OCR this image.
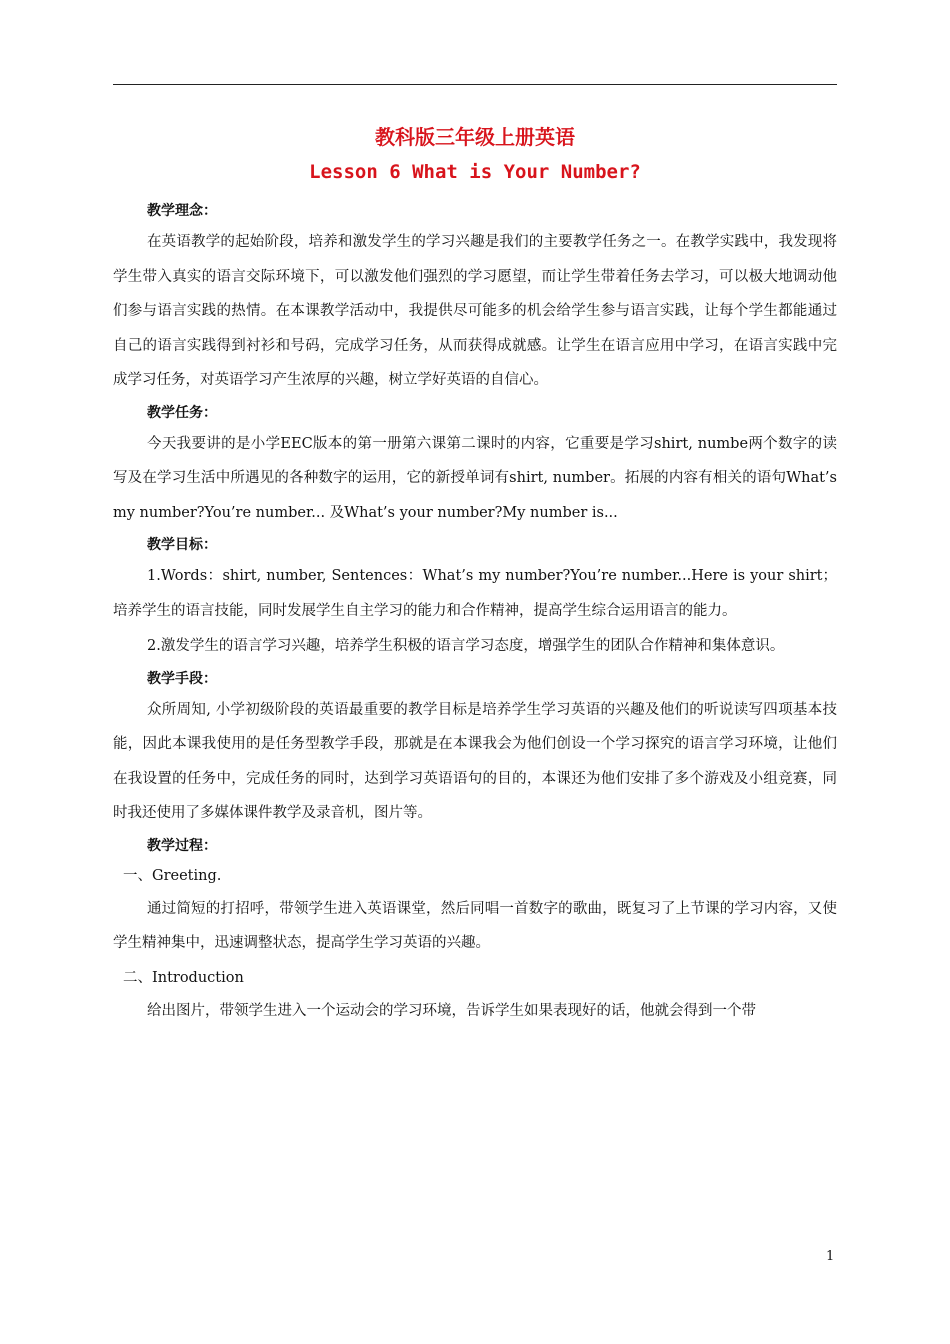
教科版三年级上册英语
Lesson 6 What is Your Number?

教学理念：

在英语教学的起始阶段，培养和激发学生的学习兴趣是我们的主要教学任务之一。在教学实践中，我发现将学生带入真实的语言交际环境下，可以激发他们强烈的学习愿望，而让学生带着任务去学习，可以极大地调动他们参与语言实践的热情。在本课教学活动中，我提供尽可能多的机会给学生参与语言实践，让每个学生都能通过自己的语言实践得到衬衫和号码，完成学习任务，从而获得成就感。让学生在语言应用中学习，在语言实践中完成学习任务，对英语学习产生浓厚的兴趣，树立学好英语的自信心。

教学任务：

今天我要讲的是小学EEC版本的第一册第六课第二课时的内容，它重要是学习shirt, numbe两个数字的读写及在学习生活中所遇见的各种数字的运用，它的新授单词有shirt, number。拓展的内容有相关的语句What’s my number?You’re number... 及What’s your number?My number is...

教学目标：

1.Words：shirt, number, Sentences：What’s my number?You’re number...Here is your shirt；培养学生的语言技能，同时发展学生自主学习的能力和合作精神，提高学生综合运用语言的能力。

2.激发学生的语言学习兴趣，培养学生积极的语言学习态度，增强学生的团队合作精神和集体意识。

教学手段：

众所周知, 小学初级阶段的英语最重要的教学目标是培养学生学习英语的兴趣及他们的听说读写四项基本技能，因此本课我使用的是任务型教学手段，那就是在本课我会为他们创设一个学习探究的语言学习环境，让他们在我设置的任务中，完成任务的同时，达到学习英语语句的目的，本课还为他们安排了多个游戏及小组竞赛，同时我还使用了多媒体课件教学及录音机，图片等。

教学过程：

一、Greeting.

通过简短的打招呼，带领学生进入英语课堂，然后同唱一首数字的歌曲，既复习了上节课的学习内容，又使学生精神集中，迅速调整状态，提高学生学习英语的兴趣。

二、Introduction

给出图片，带领学生进入一个运动会的学习环境，告诉学生如果表现好的话，他就会得到一个带

1
